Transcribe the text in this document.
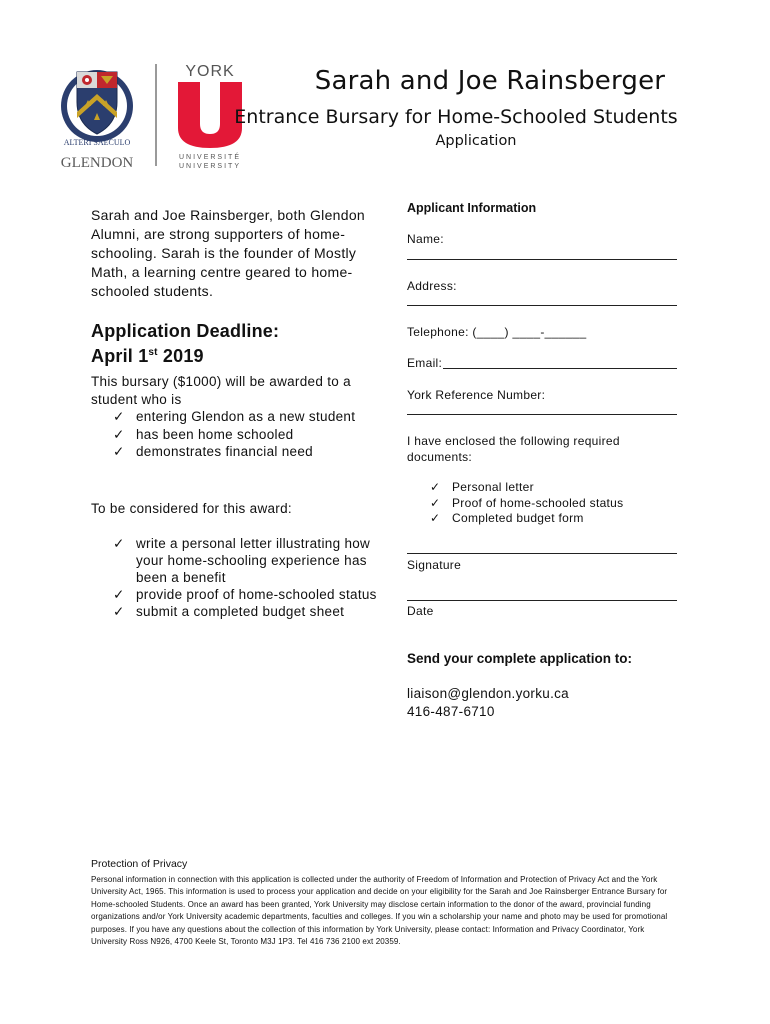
ALTERI SAECULO
GLENDON
YORK
UNIVERSITÉ
UNIVERSITY
Sarah and Joe Rainsberger
Entrance Bursary for Home-Schooled Students
Application
Sarah and Joe Rainsberger, both Glendon Alumni, are strong supporters of home-schooling. Sarah is the founder of Mostly Math, a learning centre geared to home-schooled students.
Application Deadline:
April 1st 2019
This bursary ($1000) will be awarded to a student who is
✓ entering Glendon as a new student
✓ has been home schooled
✓ demonstrates financial need
To be considered for this award:
✓ write a personal letter illustrating how your home-schooling experience has been a benefit
✓ provide proof of home-schooled status
✓ submit a completed budget sheet
Applicant Information
Name:
Address:
Telephone: (____) ____-______
Email:
York Reference Number:
I have enclosed the following required documents:
✓ Personal letter
✓ Proof of home-schooled status
✓ Completed budget form
Signature
Date
Send your complete application to:
liaison@glendon.yorku.ca
416-487-6710
Protection of Privacy
Personal information in connection with this application is collected under the authority of Freedom of Information and Protection of Privacy Act and the York University Act, 1965. This information is used to process your application and decide on your eligibility for the Sarah and Joe Rainsberger Entrance Bursary for Home-schooled Students. Once an award has been granted, York University may disclose certain information to the donor of the award, provincial funding organizations and/or York University academic departments, faculties and colleges. If you win a scholarship your name and photo may be used for promotional purposes. If you have any questions about the collection of this information by York University, please contact: Information and Privacy Coordinator, York University Ross N926, 4700 Keele St, Toronto M3J 1P3. Tel 416 736 2100 ext 20359.
